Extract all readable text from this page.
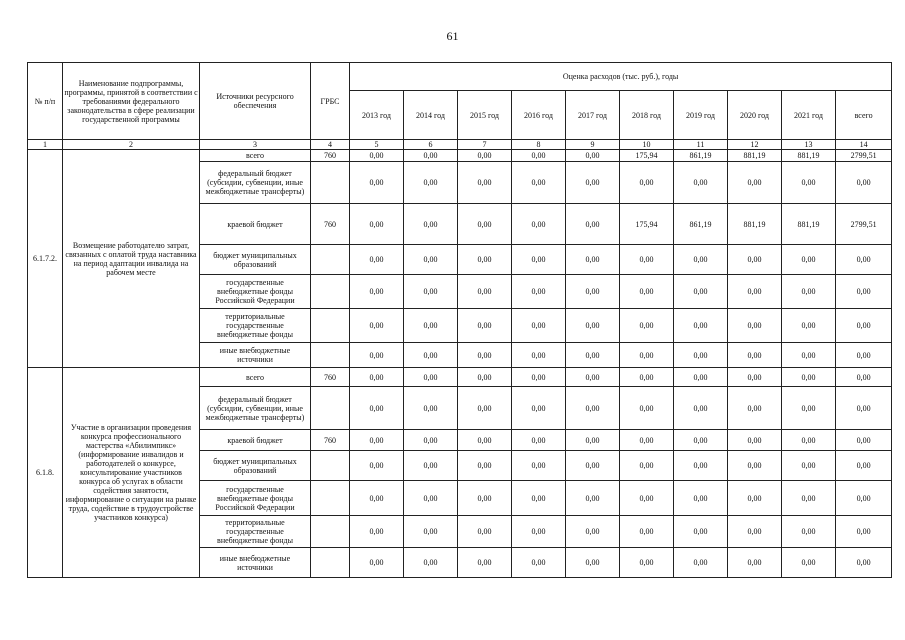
61
№ п/п	Наименование подпрограммы, программы, принятой в соответствии с требованиями федерального законодательства в сфере реализации государственной программы	Источники ресурсного обеспечения	ГРБС	Оценка расходов (тыс. руб.), годы									
				2013 год	2014 год	2015 год	2016 год	2017 год	2018 год	2019 год	2020 год	2021 год	всего
1	2	3	4	5	6	7	8	9	10	11	12	13	14
6.1.7.2.	Возмещение работодателю затрат, связанных с оплатой труда наставника на период адаптации инвалида на рабочем месте	всего	760	0,00	0,00	0,00	0,00	0,00	175,94	861,19	881,19	881,19	2799,51
		федеральный бюджет (субсидии, субвенции, иные межбюджетные трансферты)		0,00	0,00	0,00	0,00	0,00	0,00	0,00	0,00	0,00	0,00
		краевой бюджет	760	0,00	0,00	0,00	0,00	0,00	175,94	861,19	881,19	881,19	2799,51
		бюджет муниципальных образований		0,00	0,00	0,00	0,00	0,00	0,00	0,00	0,00	0,00	0,00
		государственные внебюджетные фонды Российской Федерации		0,00	0,00	0,00	0,00	0,00	0,00	0,00	0,00	0,00	0,00
		территориальные государственные внебюджетные фонды		0,00	0,00	0,00	0,00	0,00	0,00	0,00	0,00	0,00	0,00
		иные внебюджетные источники		0,00	0,00	0,00	0,00	0,00	0,00	0,00	0,00	0,00	0,00
6.1.8.	Участие в организации проведения конкурса профессионального мастерства «Абилимпикс» (информирование инвалидов и работодателей о конкурсе, консультирование участников конкурса об услугах в области содействия занятости, информирование о ситуации на рынке труда, содействие в трудоустройстве участников конкурса)	всего	760	0,00	0,00	0,00	0,00	0,00	0,00	0,00	0,00	0,00	0,00
		федеральный бюджет (субсидии, субвенции, иные межбюджетные трансферты)		0,00	0,00	0,00	0,00	0,00	0,00	0,00	0,00	0,00	0,00
		краевой бюджет	760	0,00	0,00	0,00	0,00	0,00	0,00	0,00	0,00	0,00	0,00
		бюджет муниципальных образований		0,00	0,00	0,00	0,00	0,00	0,00	0,00	0,00	0,00	0,00
		государственные внебюджетные фонды Российской Федерации		0,00	0,00	0,00	0,00	0,00	0,00	0,00	0,00	0,00	0,00
		территориальные государственные внебюджетные фонды		0,00	0,00	0,00	0,00	0,00	0,00	0,00	0,00	0,00	0,00
		иные внебюджетные источники		0,00	0,00	0,00	0,00	0,00	0,00	0,00	0,00	0,00	0,00
